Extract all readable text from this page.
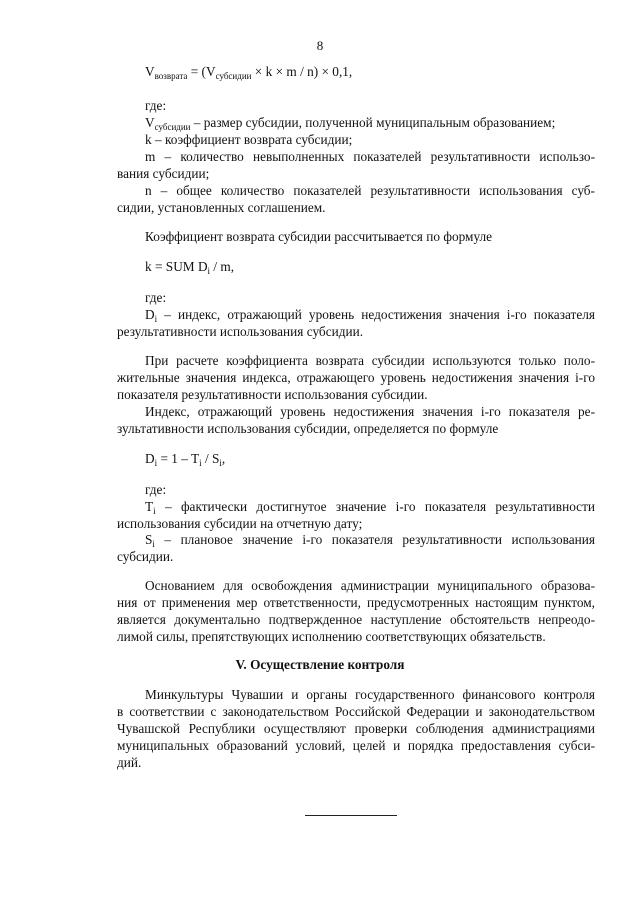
8
$V_{возврата} = (V_{субсидии} \times k \times m / n) \times 0,1$,
где:
$V_{субсидии}$ – размер субсидии, полученной муниципальным образованием;
k – коэффициент возврата субсидии;
m – количество невыполненных показателей результативности использо-
вания субсидии;
n – общее количество показателей результативности использования суб-
сидии, установленных соглашением.
Коэффициент возврата субсидии рассчитывается по формуле
k = SUM $D_i$ / m,
где:
$D_i$ – индекс, отражающий уровень недостижения значения i-го показателя
результативности использования субсидии.
При расчете коэффициента возврата субсидии используются только поло-
жительные значения индекса, отражающего уровень недостижения значения i-го
показателя результативности использования субсидии.
Индекс, отражающий уровень недостижения значения i-го показателя ре-
зультативности использования субсидии, определяется по формуле
$D_i = 1 - T_i / S_i$,
где:
$T_i$ – фактически достигнутое значение i-го показателя результативности
использования субсидии на отчетную дату;
$S_i$ – плановое значение i-го показателя результативности использования
субсидии.
Основанием для освобождения администрации муниципального образова-
ния от применения мер ответственности, предусмотренных настоящим пунктом,
является документально подтвержденное наступление обстоятельств непреодо-
лимой силы, препятствующих исполнению соответствующих обязательств.
V. Осуществление контроля
Минкультуры Чувашии и органы государственного финансового контроля
в соответствии с законодательством Российской Федерации и законодательством
Чувашской Республики осуществляют проверки соблюдения администрациями
муниципальных образований условий, целей и порядка предоставления субси-
дий.
